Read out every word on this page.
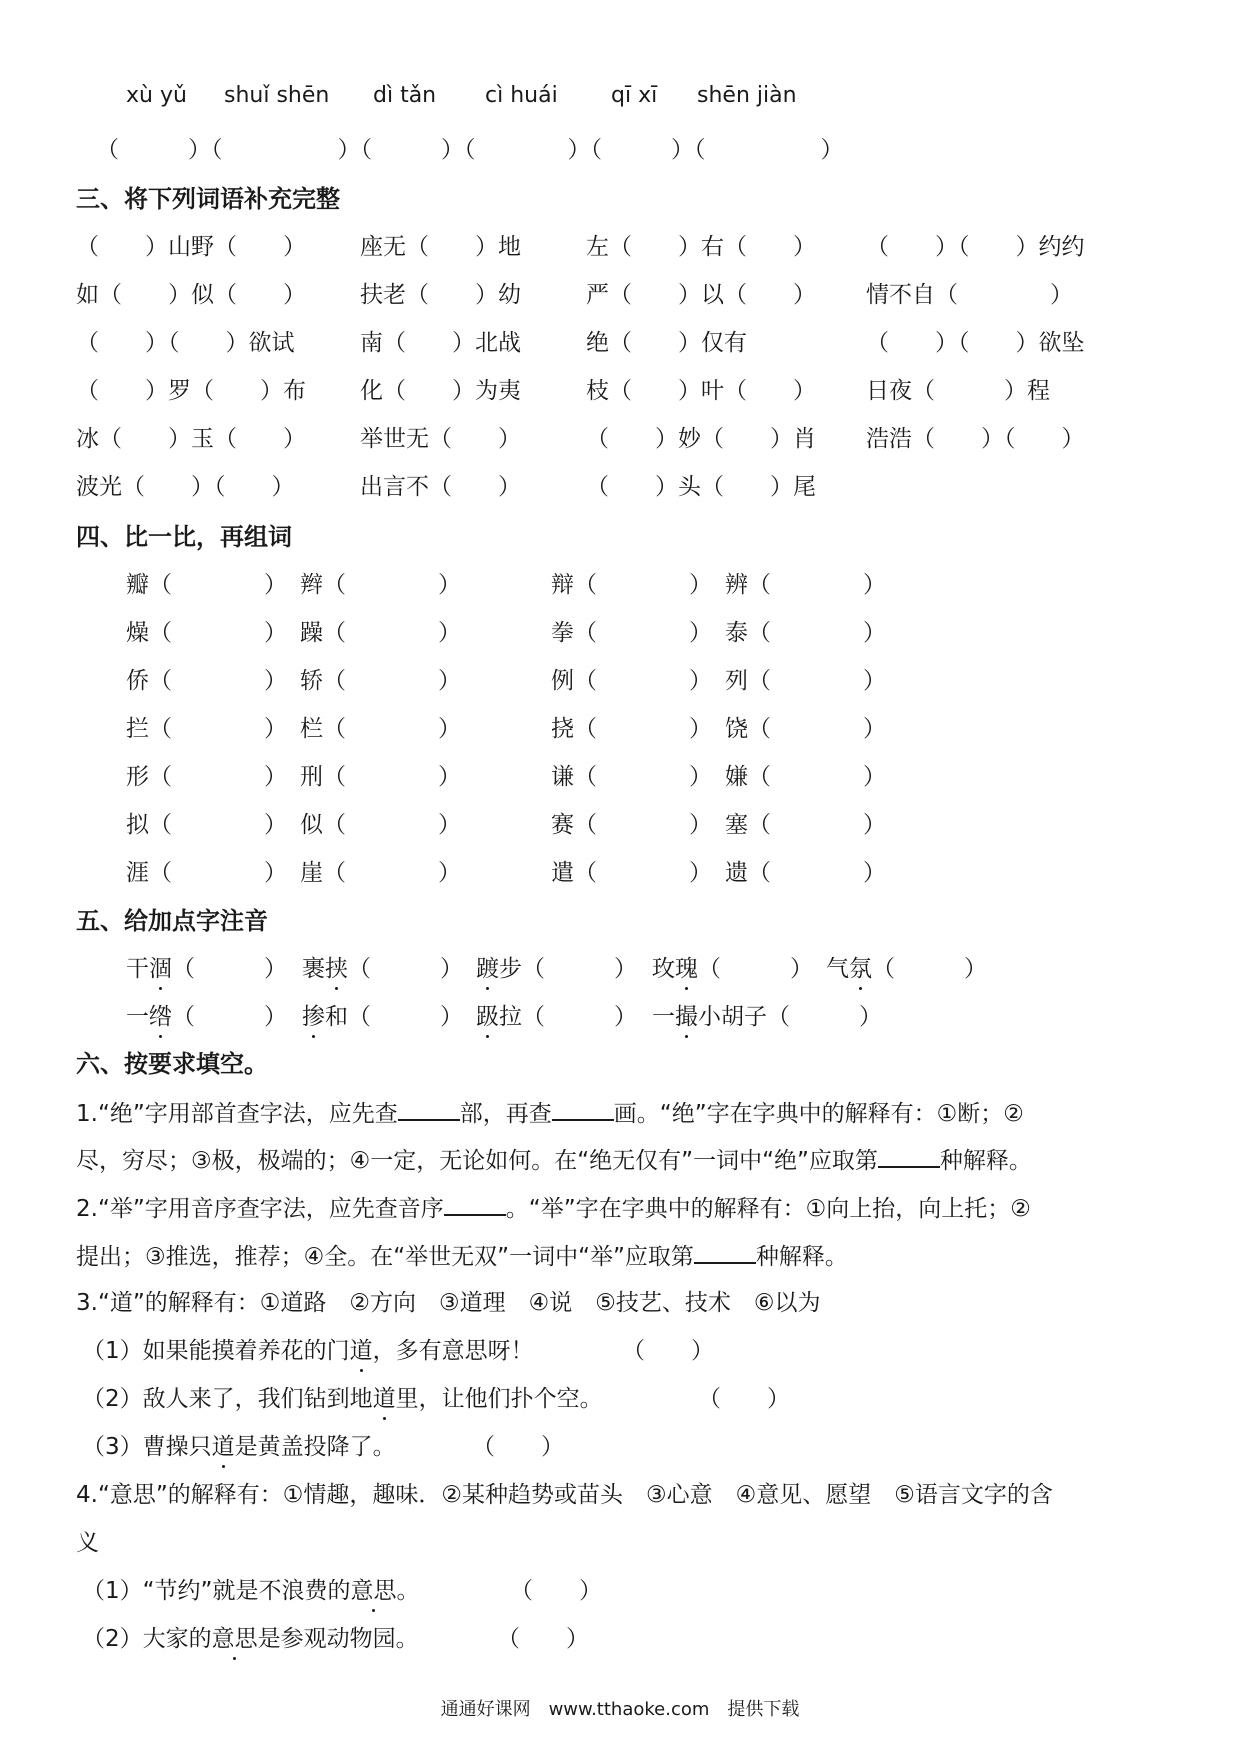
xù yǔ shuǐ shēn dì tǎn cì huái qī xī shēn jiàn
（　　　）（　　　　　）（　　　）（　　　　）（　　　）（　　　　　）
三、将下列词语补充完整
（　　）山野（　　） 座无（　　）地	左（　　）右（　　） （　　）（　　）约约
如（　　）似（　　） 扶老（　　）幼	严（　　）以（　　） 情不自（　　　　）
（　　）（　　）欲试	南（　　）北战	绝（　　）仅有	（　　）（　　）欲坠
（　　）罗（　　）布 化（　　）为夷	枝（　　）叶（　　） 日夜（　　　）程
冰（　　）玉（　　） 举世无（　　）	（　　）妙（　　）肖 浩浩（　　）（　　）
波光（　　）（　　）	出言不（　　）	（　　）头（　　）尾
四、比一比，再组词
瓣（　　　　） 辫（　　　　）	辩（　　　　） 辨（　　　　）
燥（　　　　） 躁（　　　　）	拳（　　　　） 泰（　　　　）
侨（　　　　） 轿（　　　　）	例（　　　　） 列（　　　　）
拦（　　　　） 栏（　　　　）	挠（　　　　） 饶（　　　　）
形（　　　　） 刑（　　　　）	谦（　　　　） 嫌（　　　　）
拟（　　　　） 似（　　　　）	赛（　　　　） 塞（　　　　）
涯（　　　　） 崖（　　　　）	遣（　　　　） 遗（　　　　）
五、给加点字注音
干涸（　　　） 裹挟（　　　） 踱步（　　　） 玫瑰（　　　） 气氛（　　　）
一绺（　　　） 掺和（　　　） 趿拉（　　　） 一撮小胡子（　　　）
六、按要求填空。
1.“绝”字用部首查字法，应先查	部，再查	画。“绝”字在字典中的解释有：①断；②
尽，穷尽；③极，极端的；④一定，无论如何。在“绝无仅有”一词中“绝”应取第	种解释。
2.“举”字用音序查字法，应先查音序	。“举”字在字典中的解释有：①向上抬，向上托；②
提出；③推选，推荐；④全。在“举世无双”一词中“举”应取第	种解释。
3.“道”的解释有：①道路　②方向　③道理　④说　⑤技艺、技术　⑥以为
（1）如果能摸着养花的门道，多有意思呀！	（　　）
（2）敌人来了，我们钻到地道里，让他们扑个空。	（　　）
（3）曹操只道是黄盖投降了。	（　　）
4.“意思”的解释有：①情趣，趣味．②某种趋势或苗头　③心意　④意见、愿望　⑤语言文字的含
义
（1）“节约”就是不浪费的意思。	（　　）
（2）大家的意思是参观动物园。	（　　）
通通好课网　www.tthaoke.com　提供下载
